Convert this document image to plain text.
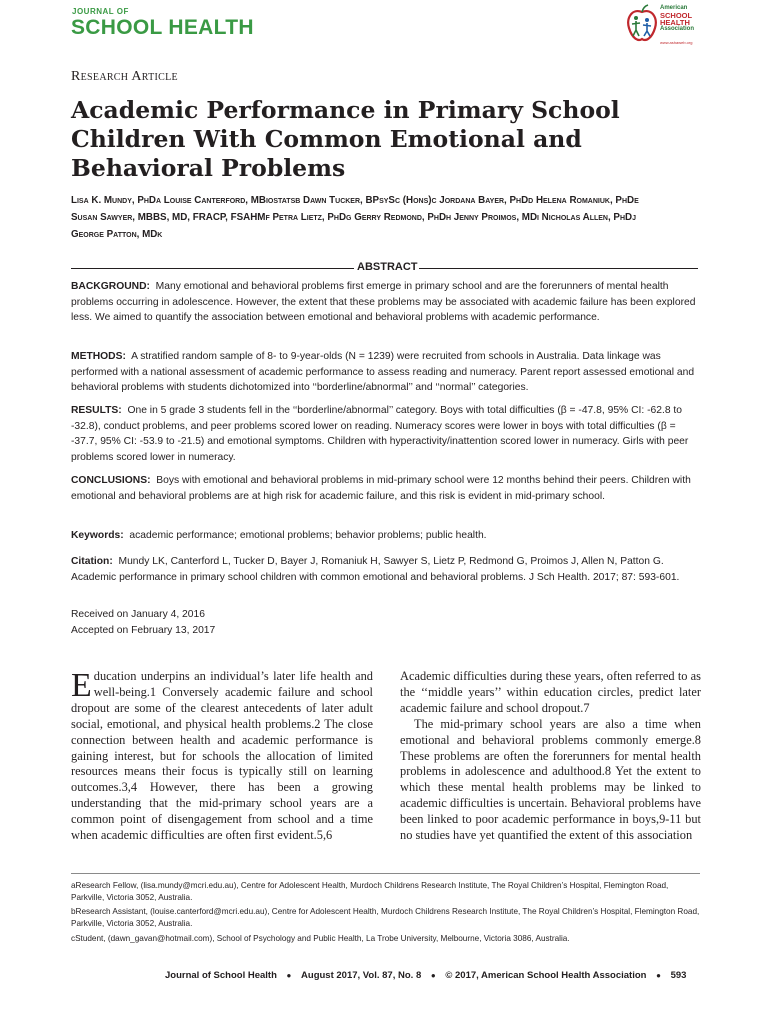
JOURNAL OF
SCHOOL HEALTH
American
SCHOOL
HEALTH
Association
www.ashaweb.org
Research Article
Academic Performance in Primary School Children With Common Emotional and Behavioral Problems
Lisa K. Mundy, PhDa Louise Canterford, MBiostatsb Dawn Tucker, BPsySc (Hons)c Jordana Bayer, PhDd Helena Romaniuk, PhDe
Susan Sawyer, MBBS, MD, FRACP, FSAHMf Petra Lietz, PhDg Gerry Redmond, PhDh Jenny Proimos, MDi Nicholas Allen, PhDj
George Patton, MDk
ABSTRACT
BACKGROUND: Many emotional and behavioral problems first emerge in primary school and are the forerunners of mental health problems occurring in adolescence. However, the extent that these problems may be associated with academic failure has been explored less. We aimed to quantify the association between emotional and behavioral problems with academic performance.
METHODS: A stratified random sample of 8- to 9-year-olds (N = 1239) were recruited from schools in Australia. Data linkage was performed with a national assessment of academic performance to assess reading and numeracy. Parent report assessed emotional and behavioral problems with students dichotomized into ‘‘borderline/abnormal’’ and ‘‘normal’’ categories.
RESULTS: One in 5 grade 3 students fell in the ‘‘borderline/abnormal’’ category. Boys with total difficulties (β = -47.8, 95% CI: -62.8 to -32.8), conduct problems, and peer problems scored lower on reading. Numeracy scores were lower in boys with total difficulties (β = -37.7, 95% CI: -53.9 to -21.5) and emotional symptoms. Children with hyperactivity/inattention scored lower in numeracy. Girls with peer problems scored lower in numeracy.
CONCLUSIONS: Boys with emotional and behavioral problems in mid-primary school were 12 months behind their peers. Children with emotional and behavioral problems are at high risk for academic failure, and this risk is evident in mid-primary school.
Keywords: academic performance; emotional problems; behavior problems; public health.
Citation: Mundy LK, Canterford L, Tucker D, Bayer J, Romaniuk H, Sawyer S, Lietz P, Redmond G, Proimos J, Allen N, Patton G. Academic performance in primary school children with common emotional and behavioral problems. J Sch Health. 2017; 87: 593-601.
Received on January 4, 2016
Accepted on February 13, 2017
E ducation underpins an individual’s later life health and well-being.1 Conversely academic failure and school dropout are some of the clearest antecedents of later adult social, emotional, and physical health problems.2 The close connection between health and academic performance is gaining interest, but for schools the allocation of limited resources means their focus is typically still on learning outcomes.3,4 However, there has been a growing understanding that the mid-primary school years are a common point of disengagement from school and a time when academic difficulties are often first evident.5,6
Academic difficulties during these years, often referred to as the ‘‘middle years’’ within education circles, predict later academic failure and school dropout.7
The mid-primary school years are also a time when emotional and behavioral problems commonly emerge.8 These problems are often the forerunners for mental health problems in adolescence and adulthood.8 Yet the extent to which these mental health problems may be linked to academic difficulties is uncertain. Behavioral problems have been linked to poor academic performance in boys,9-11 but no studies have yet quantified the extent of this association
aResearch Fellow, (lisa.mundy@mcri.edu.au), Centre for Adolescent Health, Murdoch Childrens Research Institute, The Royal Children’s Hospital, Flemington Road, Parkville, Victoria 3052, Australia.
bResearch Assistant, (louise.canterford@mcri.edu.au), Centre for Adolescent Health, Murdoch Childrens Research Institute, The Royal Children’s Hospital, Flemington Road, Parkville, Victoria 3052, Australia.
cStudent, (dawn_gavan@hotmail.com), School of Psychology and Public Health, La Trobe University, Melbourne, Victoria 3086, Australia.
Journal of School Health ● August 2017, Vol. 87, No. 8 ● © 2017, American School Health Association ● 593
